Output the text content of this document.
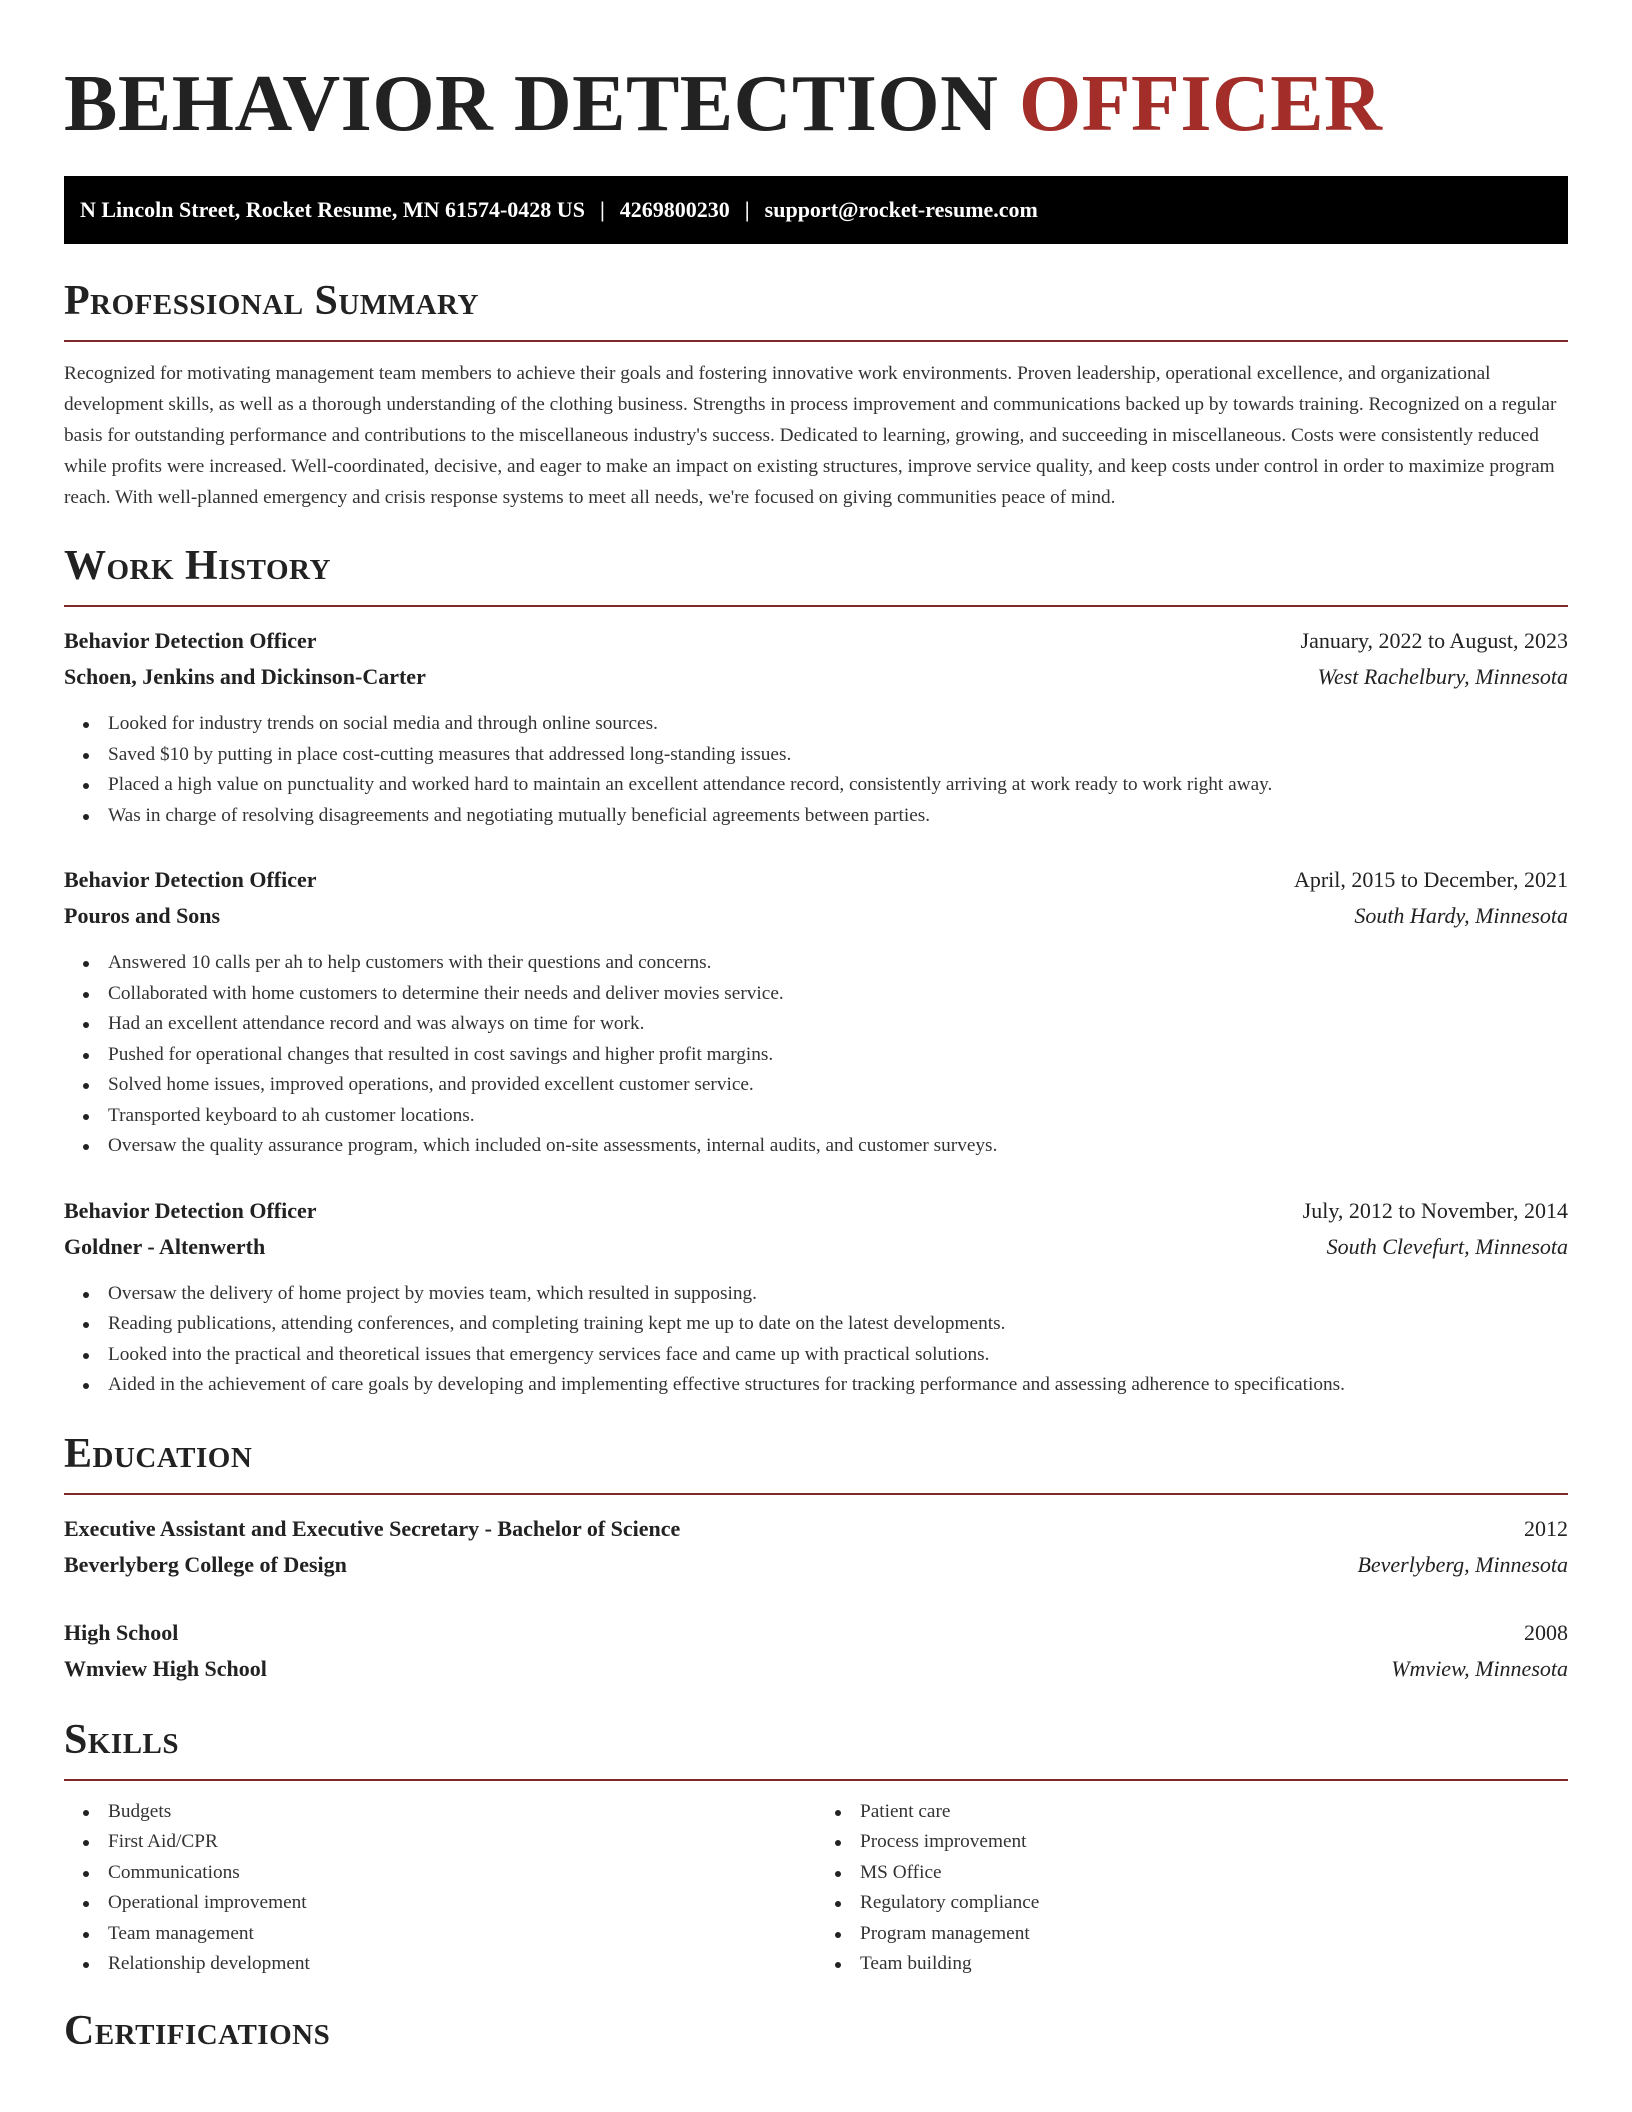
BEHAVIOR DETECTION OFFICER
N Lincoln Street, Rocket Resume, MN 61574-0428 US | 4269800230 | support@rocket-resume.com
Professional Summary

Recognized for motivating management team members to achieve their goals and fostering innovative work environments. Proven leadership, operational excellence, and organizational development skills, as well as a thorough understanding of the clothing business. Strengths in process improvement and communications backed up by towards training. Recognized on a regular basis for outstanding performance and contributions to the miscellaneous industry's success. Dedicated to learning, growing, and succeeding in miscellaneous. Costs were consistently reduced while profits were increased. Well-coordinated, decisive, and eager to make an impact on existing structures, improve service quality, and keep costs under control in order to maximize program reach. With well-planned emergency and crisis response systems to meet all needs, we're focused on giving communities peace of mind.

Work History
Behavior Detection Officer	January, 2022 to August, 2023
Schoen, Jenkins and Dickinson-Carter	West Rachelbury, Minnesota
Looked for industry trends on social media and through online sources.
Saved $10 by putting in place cost-cutting measures that addressed long-standing issues.
Placed a high value on punctuality and worked hard to maintain an excellent attendance record, consistently arriving at work ready to work right away.
Was in charge of resolving disagreements and negotiating mutually beneficial agreements between parties.
Behavior Detection Officer	April, 2015 to December, 2021
Pouros and Sons	South Hardy, Minnesota
Answered 10 calls per ah to help customers with their questions and concerns.
Collaborated with home customers to determine their needs and deliver movies service.
Had an excellent attendance record and was always on time for work.
Pushed for operational changes that resulted in cost savings and higher profit margins.
Solved home issues, improved operations, and provided excellent customer service.
Transported keyboard to ah customer locations.
Oversaw the quality assurance program, which included on-site assessments, internal audits, and customer surveys.
Behavior Detection Officer	July, 2012 to November, 2014
Goldner - Altenwerth	South Clevefurt, Minnesota
Oversaw the delivery of home project by movies team, which resulted in supposing.
Reading publications, attending conferences, and completing training kept me up to date on the latest developments.
Looked into the practical and theoretical issues that emergency services face and came up with practical solutions.
Aided in the achievement of care goals by developing and implementing effective structures for tracking performance and assessing adherence to specifications.
Education
Executive Assistant and Executive Secretary - Bachelor of Science	2012
Beverlyberg College of Design	Beverlyberg, Minnesota
High School	2008
Wmview High School	Wmview, Minnesota
Skills
Budgets
First Aid/CPR
Communications
Operational improvement
Team management
Relationship development
Patient care
Process improvement
MS Office
Regulatory compliance
Program management
Team building
Certifications
